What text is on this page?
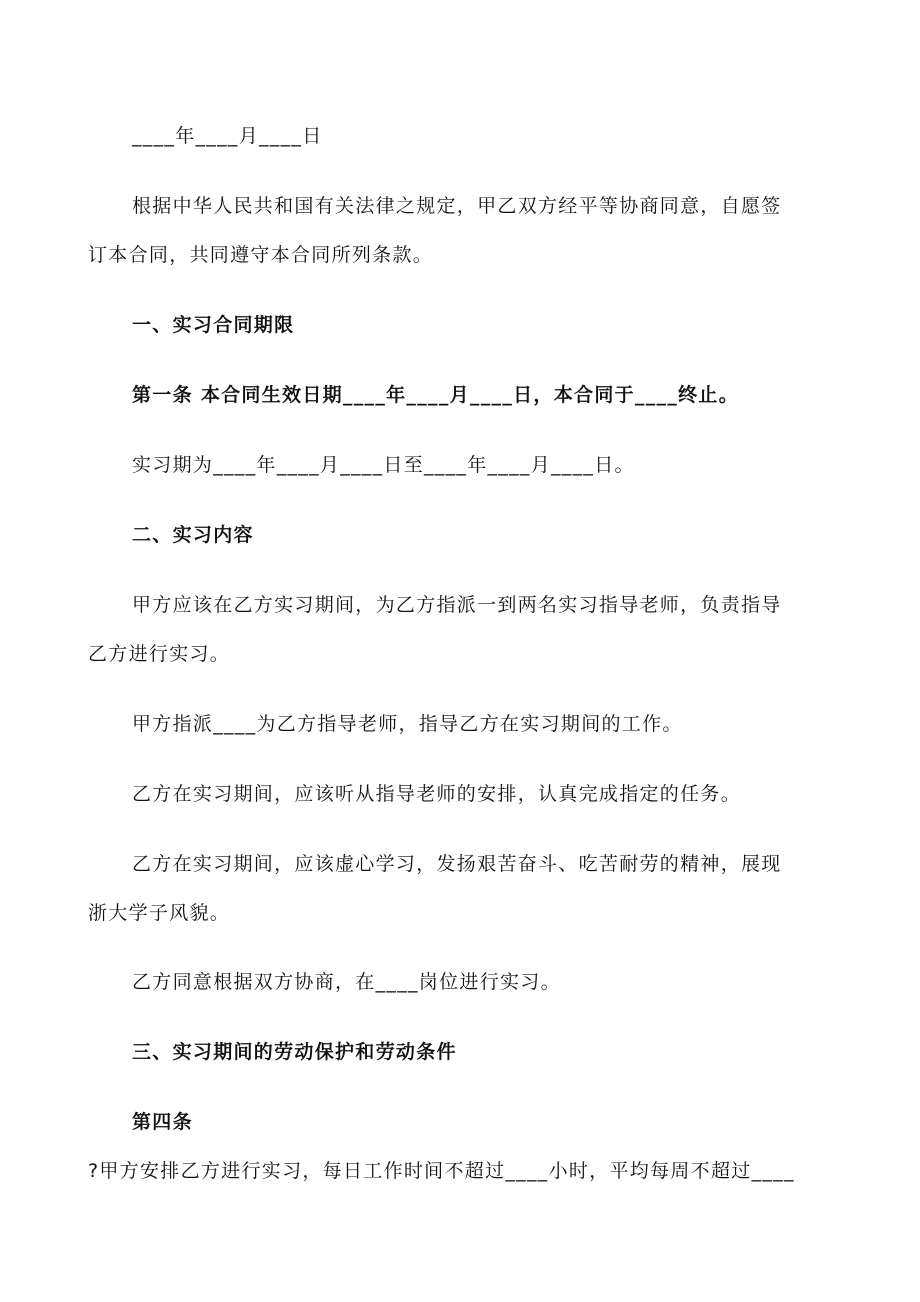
____年____月____日
根据中华人民共和国有关法律之规定，甲乙双方经平等协商同意，自愿签
订本合同，共同遵守本合同所列条款。
一、实习合同期限
第一条 本合同生效日期____年____月____日，本合同于____终止。
实习期为____年____月____日至____年____月____日。
二、实习内容
甲方应该在乙方实习期间，为乙方指派一到两名实习指导老师，负责指导
乙方进行实习。
甲方指派____为乙方指导老师，指导乙方在实习期间的工作。
乙方在实习期间，应该听从指导老师的安排，认真完成指定的任务。
乙方在实习期间，应该虚心学习，发扬艰苦奋斗、吃苦耐劳的精神，展现
浙大学子风貌。
乙方同意根据双方协商，在____岗位进行实习。
三、实习期间的劳动保护和劳动条件
第四条
?甲方安排乙方进行实习，每日工作时间不超过____小时，平均每周不超过____
